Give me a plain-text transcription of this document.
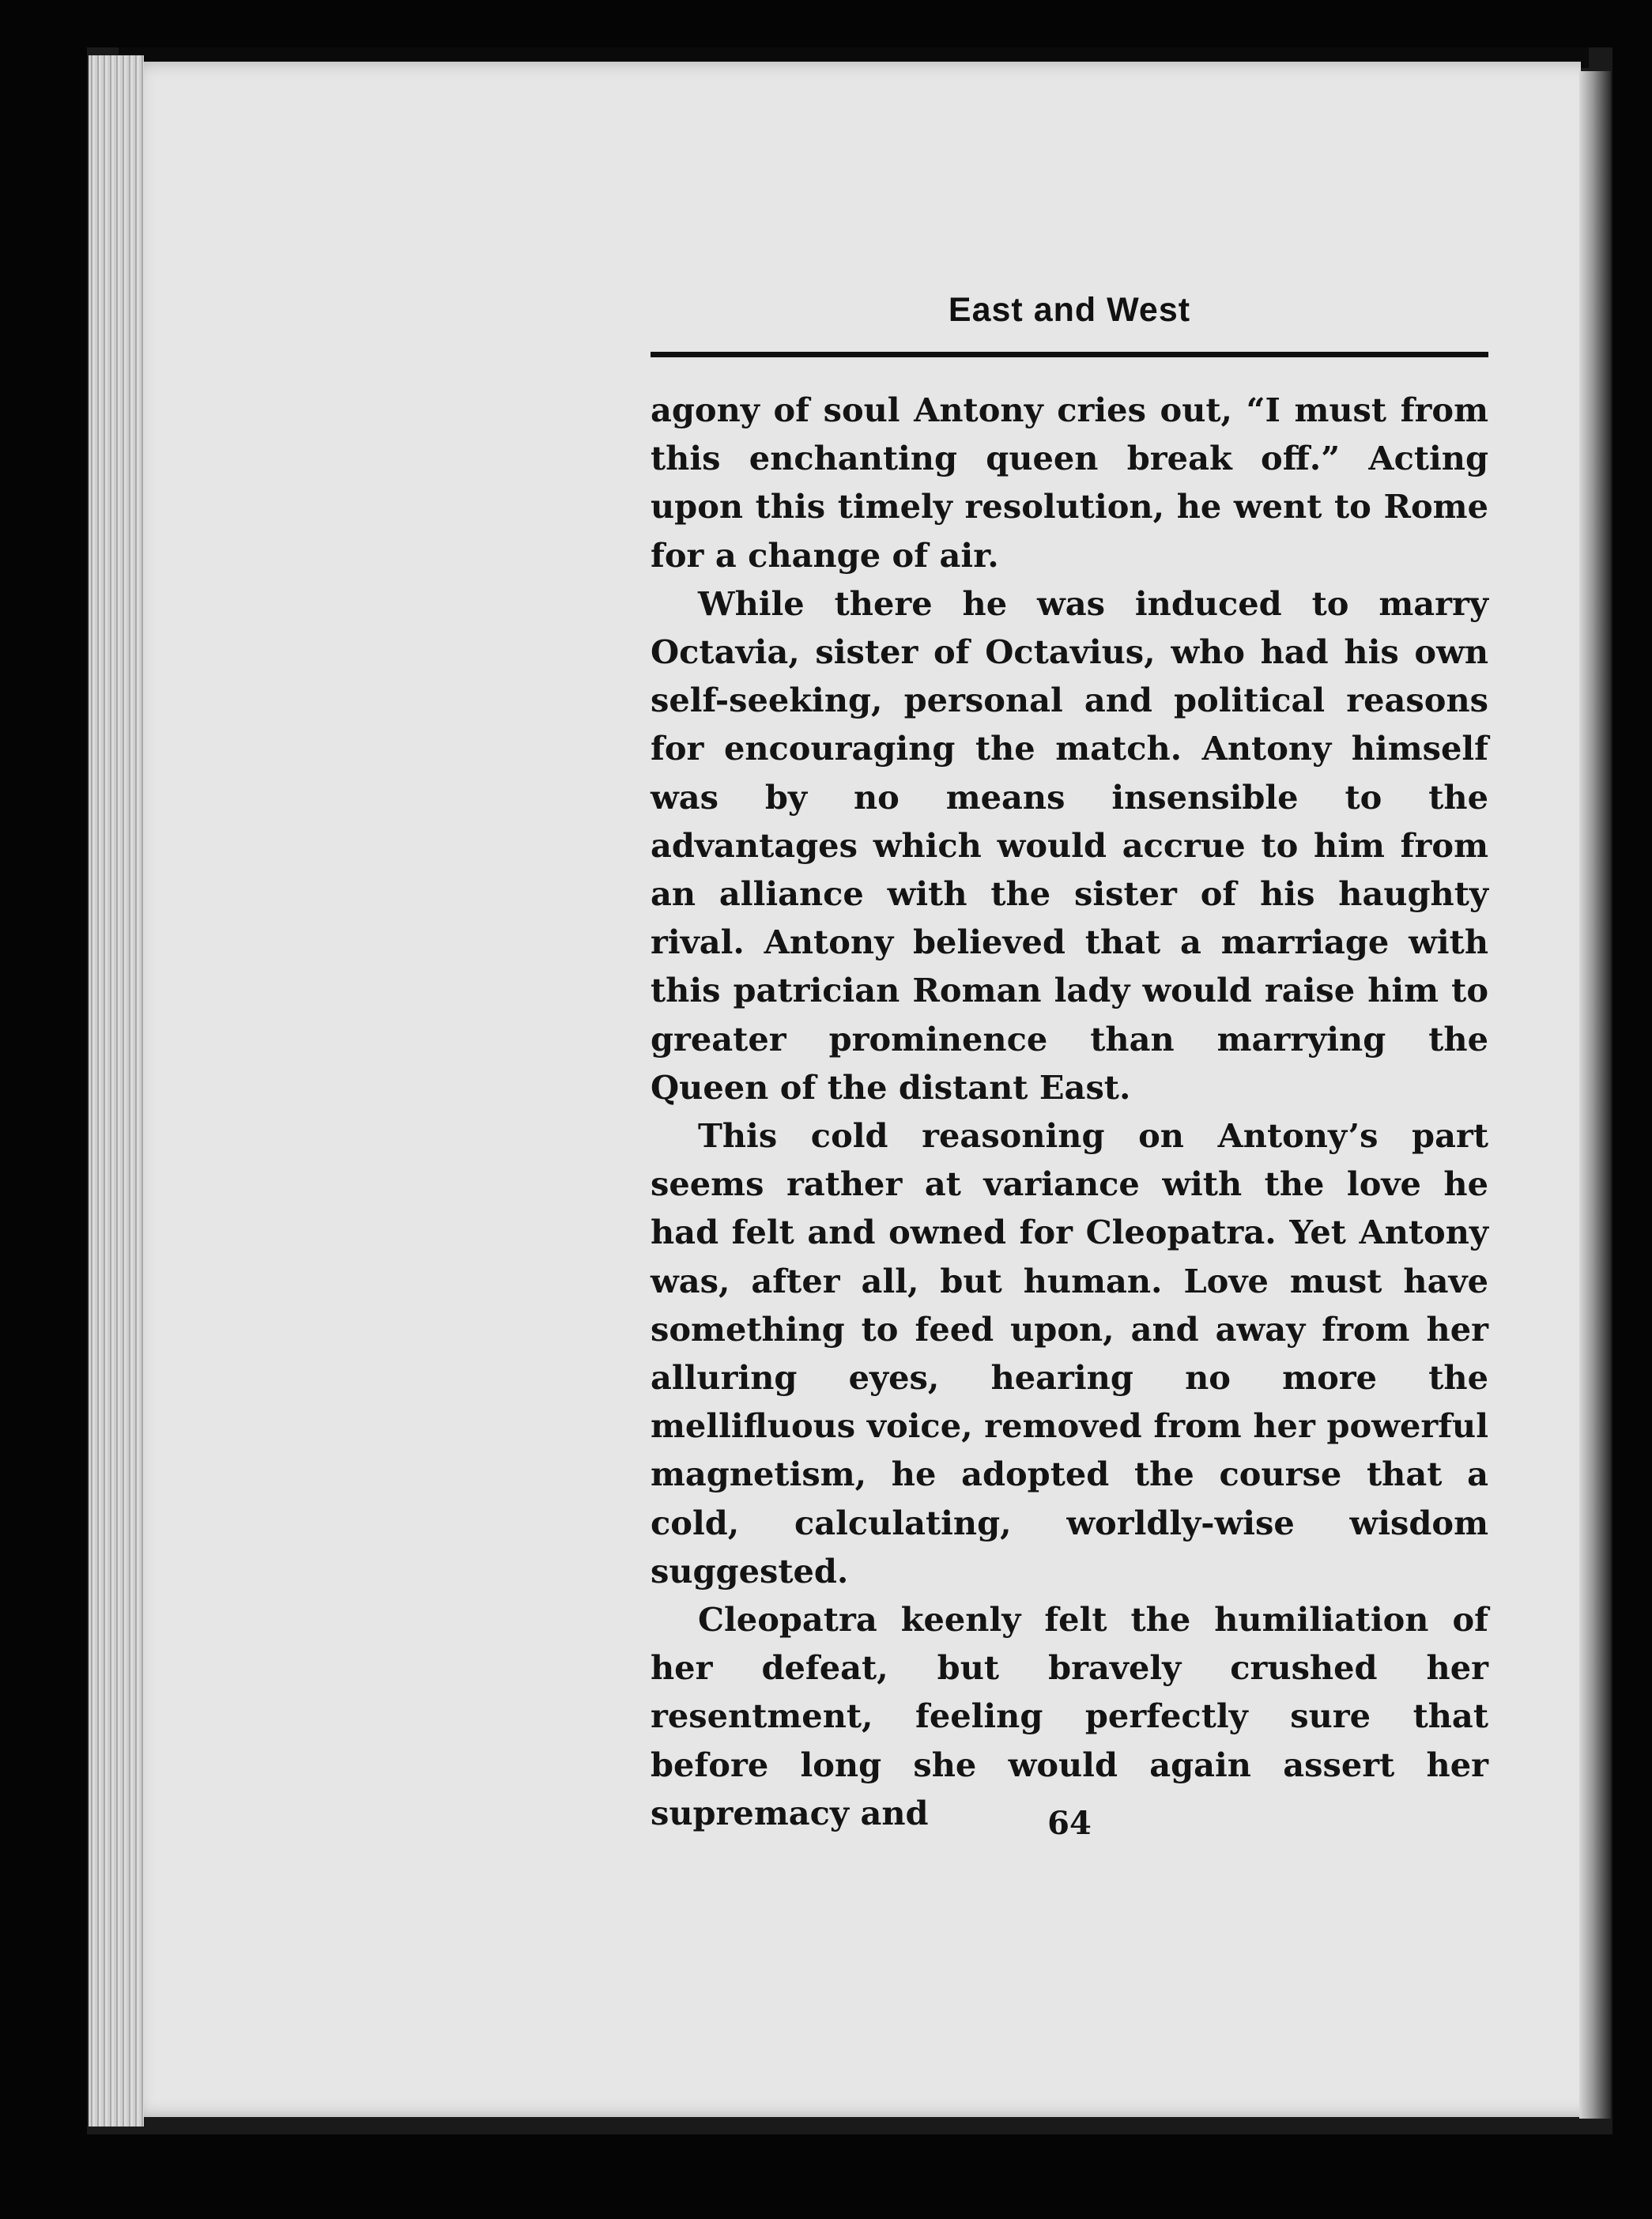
East and West

agony of soul Antony cries out, “I must from this enchanting queen break off.” Acting upon this timely resolution, he went to Rome for a change of air.

While there he was induced to marry Octavia, sister of Octavius, who had his own self-seeking, personal and political reasons for encouraging the match. Antony himself was by no means insensible to the advantages which would accrue to him from an alliance with the sister of his haughty rival. Antony believed that a marriage with this patrician Roman lady would raise him to greater prominence than marrying the Queen of the distant East.

This cold reasoning on Antony’s part seems rather at variance with the love he had felt and owned for Cleopatra. Yet Antony was, after all, but human. Love must have something to feed upon, and away from her alluring eyes, hearing no more the mellifluous voice, removed from her powerful magnetism, he adopted the course that a cold, calculating, worldly-wise wisdom suggested.

Cleopatra keenly felt the humiliation of her defeat, but bravely crushed her resentment, feeling perfectly sure that before long she would again assert her supremacy and	64
